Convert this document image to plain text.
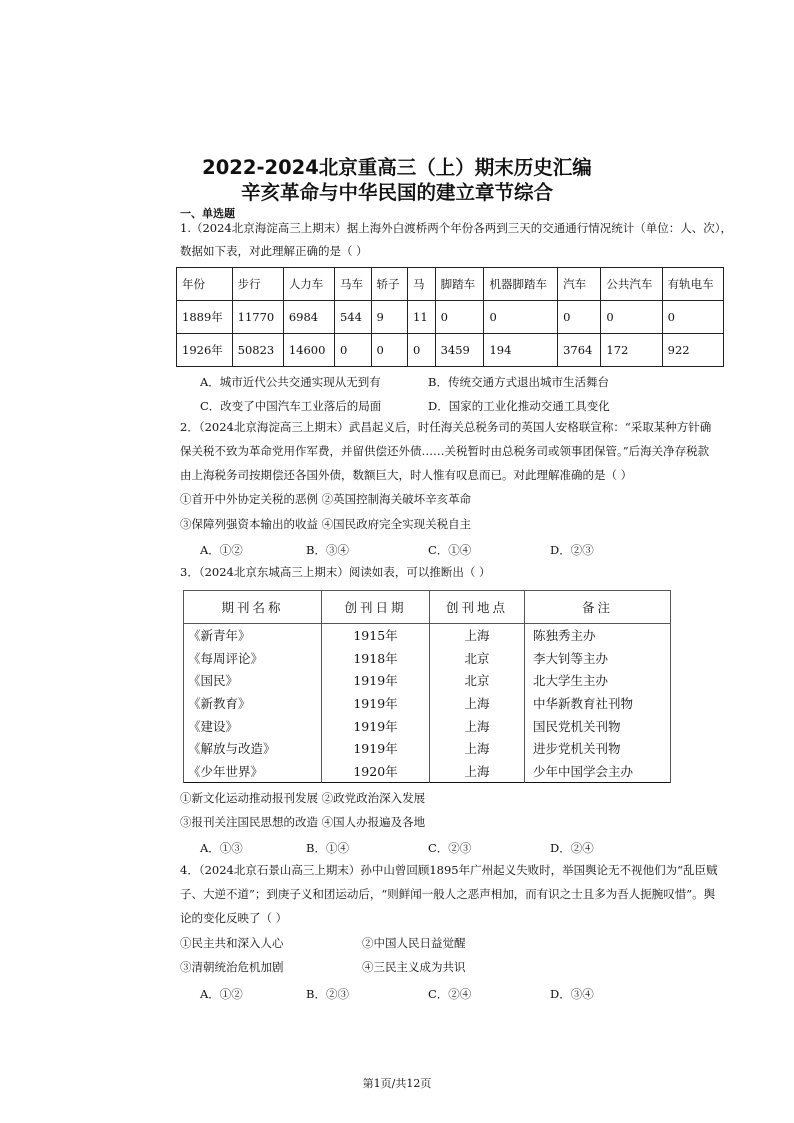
2022-2024北京重高三（上）期末历史汇编
辛亥革命与中华民国的建立章节综合
一、单选题
1.（2024北京海淀高三上期末）据上海外白渡桥两个年份各两到三天的交通通行情况统计（单位：人、次），
数据如下表，对此理解正确的是（ ）
年份	步行	人力车	马车	轿子	马	脚踏车	机器脚踏车	汽车	公共汽车	有轨电车
1889年	11770	6984	544	9	11	0	0	0	0	0
1926年	50823	14600	0	0	0	3459	194	3764	172	922
A．城市近代公共交通实现从无到有	B．传统交通方式退出城市生活舞台
C．改变了中国汽车工业落后的局面	D．国家的工业化推动交通工具变化
2．（2024北京海淀高三上期末）武昌起义后，时任海关总税务司的英国人安格联宣称：“采取某种方针确
保关税不致为革命党用作军费，并留供偿还外债……关税暂时由总税务司或领事团保管。”后海关净存税款
由上海税务司按期偿还各国外债，数额巨大，时人惟有叹息而已。对此理解准确的是（ ）
①首开中外协定关税的恶例 ②英国控制海关破坏辛亥革命
③保障列强资本输出的收益 ④国民政府完全实现关税自主
A．①②	B．③④	C．①④	D．②③
3．（2024北京东城高三上期末）阅读如表，可以推断出（ ）
期刊名称	创刊日期	创刊地点	备注
《新青年》	1915年	上海	陈独秀主办
《每周评论》	1918年	北京	李大钊等主办
《国民》	1919年	北京	北大学生主办
《新教育》	1919年	上海	中华新教育社刊物
《建设》	1919年	上海	国民党机关刊物
《解放与改造》	1919年	上海	进步党机关刊物
《少年世界》	1920年	上海	少年中国学会主办
①新文化运动推动报刊发展 ②政党政治深入发展
③报刊关注国民思想的改造 ④国人办报遍及各地
A．①③	B．①④	C．②③	D．②④
4．（2024北京石景山高三上期末）孙中山曾回顾1895年广州起义失败时，举国舆论无不视他们为“乱臣贼
子、大逆不道”；到庚子义和团运动后，“则鲜闻一般人之恶声相加，而有识之士且多为吾人扼腕叹惜”。舆
论的变化反映了（ ）
①民主共和深入人心	②中国人民日益觉醒
③清朝统治危机加剧	④三民主义成为共识
A．①②	B．②③	C．②④	D．③④
第1页/共12页
